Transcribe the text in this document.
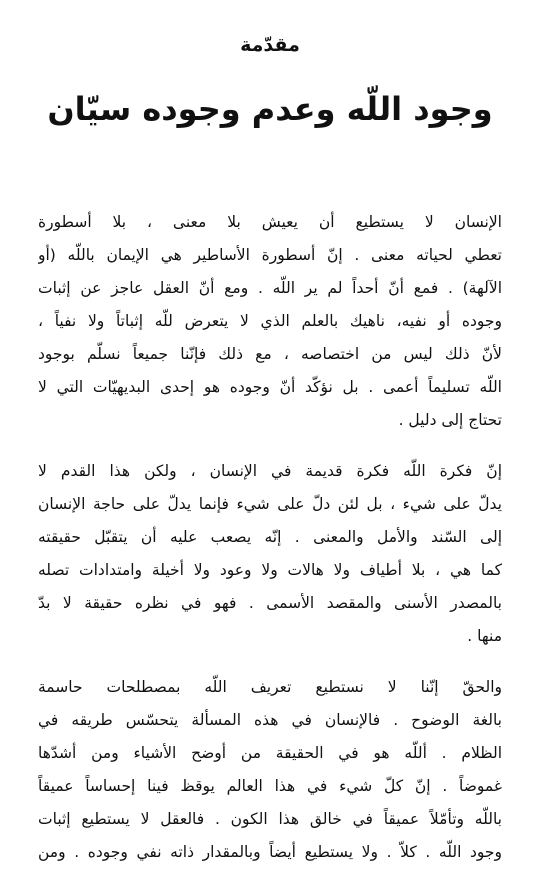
مقدّمة
وجود اللّه وعدم وجوده سيّان

الإنسان لا يستطيع أن يعيش بلا معنى ، بلا أسطورة
تعطي لحياته معنى . إنّ أسطورة الأساطير هي الإيمان باللّه (أو
الآلهة) . فمع أنّ أحداً لم ير اللّه . ومع أنّ العقل عاجز عن إثبات
وجوده أو نفيه، ناهيك بالعلم الذي لا يتعرض للّه إثباتاً ولا نفياً ،
لأنّ ذلك ليس من اختصاصه ، مع ذلك فإنّنا جميعاً نسلّم بوجود
اللّه تسليماً أعمى . بل نؤكّد أنّ وجوده هو إحدى البديهيّات التي لا
تحتاج إلى دليل .

إنّ فكرة اللّه فكرة قديمة في الإنسان ، ولكن هذا القدم لا
يدلّ على شيء ، بل لئن دلّ على شيء فإنما يدلّ على حاجة الإنسان
إلى السّند والأمل والمعنى . إنّه يصعب عليه أن يتقبّل حقيقته
كما هي ، بلا أطياف ولا هالات ولا وعود ولا أخيلة وامتدادات تصله
بالمصدر الأسنى والمقصد الأسمى . فهو في نظره حقيقة لا بدّ
منها .

والحقّ إنّنا لا نستطيع تعريف اللّه بمصطلحات حاسمة
بالغة الوضوح . فالإنسان في هذه المسألة يتحسّس طريقه في
الظلام . أللّه هو في الحقيقة من أوضح الأشياء ومن أشدّها
غموضاً . إنّ كلّ شيء في هذا العالم يوقظ فينا إحساساً عميقاً
باللّه وتأمّلاً عميقاً في خالق هذا الكون . فالعقل لا يستطيع إثبات
وجود اللّه . كلاّ . ولا يستطيع أيضاً وبالمقدار ذاته نفي وجوده . ومن
